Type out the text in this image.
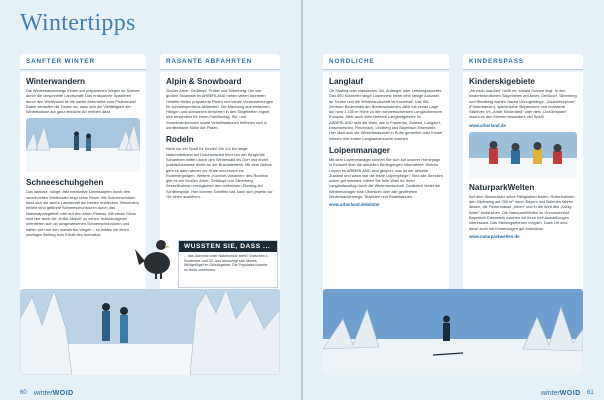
Wintertipps
SANFTER WINTER
Winterwandern

Die Winterwanderwege führen auf präparierten Wegen im Schnee durch die verschneite Landschaft. Das entspannte Spazieren durch den Winterwald ist die sanfte Alternative zum Pistentrubel. Dabei verlaufen die Touren so, dass sich die Vielfältigkeit der Winterkulisse auf ganz einfache Art erleben lässt.

Schneeschuhgehen

Das lautlose, ruhige, fast meditative Dahinstapfen durch den verschneiten Winterwald zeigt seine Reize. Mit Schneeschuhen lässt sich die weiße Landschaft am besten entdecken. Besonders beliebt sind geführte Schneeschuhtouren durch das Nationalparkgebiet oder auf den Arber-Plateau. Mit etwas Glück sind hier auch die „Kriller-Mandl“ zu sehen. Individualgeher orientieren sich an ausgewiesenen Schneeschuhrouten und halten sich auf den markierten Wegen – so leisten sie einen wichtigen Beitrag zum Erhalt des Auerwilds.

RASANTE ABFAHRTEN
Alpin & Snowboard

Großer Arber, Geißkopf, Pröller und Silberberg. Die vier großen Skiareale im ARBERLAND neben vielen kleineren Ortslifte bieten präparierte Pisten und ideale Voraussetzungen für schneesportliche Abfahrten. Die Mischung aus einfachen Hängen und schwarzen Abfahrten in den Skigebieten eignet sich besonders für einen Familientag. Ski- und Snowboardschulen sowie Verleihstationen befinden sich in unmittelbarer Nähe der Pisten.

Rodeln

Nicht nur ein Spaß für Kinder! Die 3,6 km lange Naturrodelbahn bei Drachselsried führt von der Berghütte Schareben mitten durch den Winterwald ins Dorf und endet praktischerweise direkt an der Bushaltestelle. Mit dem Skibus geht es dann wieder zur Hütte und erneut ins Rodelvergnügen. Weitere „Komfort-Varianten“ des Rodelns gibt es am Großen Arber, Geißkopf und Silberberg. Sessellbahnen ermöglichen den mühelosen Einstieg zur Schlittenpiste. Hier können Schlitten hat, kann sich jeweils vor Ort einen ausleihen.

WUSSTEN SIE, DASS ...

... das Auerwild unter Naturschutz steht? Zwischen 1. November und 30. Juni bevorzugt sich dieses Wildgeflügel im Schutzgebiet. Die Population konnte so leicht zunehmen.

60 winterWOID
NORDLICHE
Langlauf

Ob Skating oder klassischer Stil, Anfänger oder Leistungssportler. Das 600 Kilometer lange Loipennetz bietet eine riesige Auswahl an Touren und die Winterlandschaft ist traumhaft. Das Ski-Zentrum Bodenmais am Bretterschachten zählt mit seiner Lage auf rund 1.100 m Höhe zu den schneesichersten Langlaufzentren Europas. Aber auch viele kleinere Langlaufgebiete im ARBERLAND sind die Wahl, wie in Frauenau, Zwiesel, Langdorf, Drachselsried, Rinchnach, Lindberg und Bayerisch Eisenstein. Hier lässt sich die Winterlandschaft in Ruhe genießen oder Kinder können ihre ersten Langlaufversuche machen.

Loipenmanager

Mit dem Loipenmanager können Sie sich auf unserer Homepage in Echtzeit über die aktuellen Bedingungen informieren: Welche Loipen im ARBERLAND sind gespurt, was ist der aktuelle Zustand und wann war die letzte Loipenpflege? Sind alle Strecken online gut markiert, haben Sie freie Wahl für Ihren Langlaufausflug durch die Winterlandschaft. Zusätzlich bietet der Wintermanager eine Übersicht über alle geöffneten Winterwanderwege, Skipisten und Rodelbahnen.

www.arberland.de/winter
KINDERSPASS
Kinderskigebiete

„Ab nach draußen“ heißt es, sobald Schnee liegt. In den kinderfreundlichen Skigebieten am Arber, Geißkopf, Silberberg und Riedlberg warten Nacha Übungshänge, „Zauberteppiche“ (Förderbänder), spielerische Skiparcours und motivierte Skilehrer. Im „Arbär Kinderland“ oder dem „Geißleinpark“ macht es den Kleinen besonders viel Spaß!

www.arberland.de
NaturparkWelten

Auf dem Skiomulator seine Fähigkeiten testen, Rollenbahnen den Gipfelweg auf 260 m² durch Bayern und Böhmen fahren lassen, die Fledermäuse „hören“ und in die Welt des „König Arber“ eintauchen. Die NaturparkWelten im Grenzbahnhof Bayerisch Eisenstein machen mit ihren fünf Ausstellungen interessant. Das Stellungsebenen möglich. Dank Lift sind diese auch mit Kinderwagen gut erreichbar.

www.naturparkwelten.de
winterWOID 61
